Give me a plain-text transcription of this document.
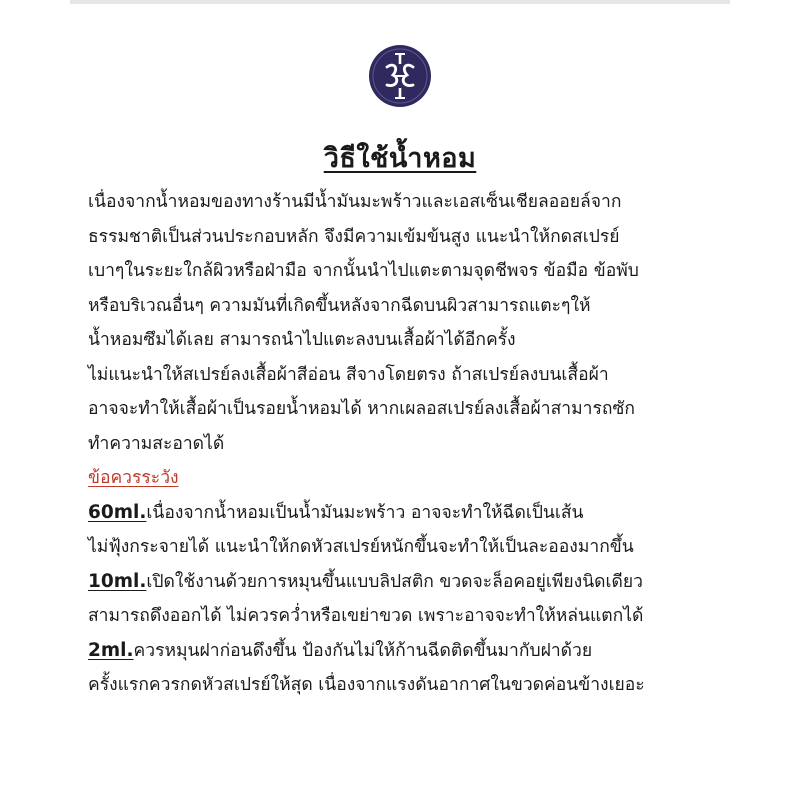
วิธีใช้น้ำหอม
เนื่องจากน้ำหอมของทางร้านมีน้ำมันมะพร้าวและเอสเซ็นเชียลออยล์จาก
ธรรมชาติเป็นส่วนประกอบหลัก จึงมีความเข้มข้นสูง แนะนำให้กดสเปรย์
เบาๆในระยะใกล้ผิวหรือฝ่ามือ จากนั้นนำไปแตะตามจุดชีพจร ข้อมือ ข้อพับ
หรือบริเวณอื่นๆ ความมันที่เกิดขึ้นหลังจากฉีดบนผิวสามารถแตะๆให้
น้ำหอมซึมได้เลย สามารถนำไปแตะลงบนเสื้อผ้าได้อีกครั้ง
ไม่แนะนำให้สเปรย์ลงเสื้อผ้าสีอ่อน สีจางโดยตรง ถ้าสเปรย์ลงบนเสื้อผ้า
อาจจะทำให้เสื้อผ้าเป็นรอยน้ำหอมได้ หากเผลอสเปรย์ลงเสื้อผ้าสามารถซัก
ทำความสะอาดได้
ข้อควรระวัง
60ml.เนื่องจากน้ำหอมเป็นน้ำมันมะพร้าว อาจจะทำให้ฉีดเป็นเส้น
ไม่ฟุ้งกระจายได้ แนะนำให้กดหัวสเปรย์หนักขึ้นจะทำให้เป็นละอองมากขึ้น
10ml.เปิดใช้งานด้วยการหมุนขึ้นแบบลิปสติก ขวดจะล็อคอยู่เพียงนิดเดียว
สามารถดึงออกได้ ไม่ควรคว่ำหรือเขย่าขวด เพราะอาจจะทำให้หล่นแตกได้
2ml.ควรหมุนฝาก่อนดึงขึ้น ป้องกันไม่ให้ก้านฉีดติดขึ้นมากับฝาด้วย
ครั้งแรกควรกดหัวสเปรย์ให้สุด เนื่องจากแรงดันอากาศในขวดค่อนข้างเยอะ
